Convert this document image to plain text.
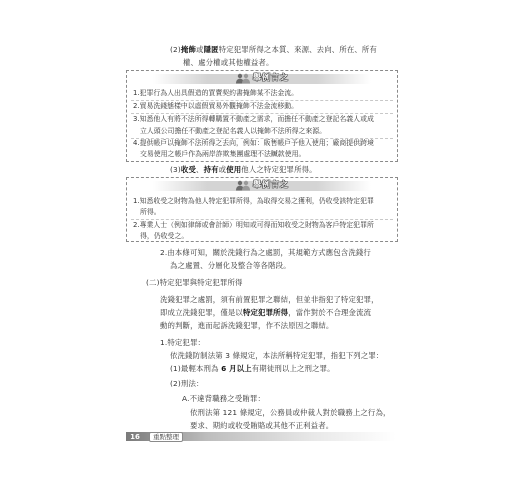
(2)掩飾或隱匿特定犯罪所得之本質、來源、去向、所在、所有
權、處分權或其他權益者。
舉例言之
1.犯罪行為人出具假造的買賣契約書掩飾某不法金流。
2.貿易洗錢態樣中以虛假貿易外觀掩飾不法金流移動。
3.知悉他人有將不法所得轉購置不動產之需求，而擔任不動產之登記名義人或成
立人頭公司擔任不動產之登記名義人以掩飾不法所得之來源。
4.提供帳戶以掩飾不法所得之去向，例如：販售帳戶予他人使用；廠商提供跨境
交易使用之帳戶作為兩岸詐欺集團處理不法贓款使用。
(3)收受、持有或使用他人之特定犯罪所得。
舉例言之
1.知悉收受之財物為他人特定犯罪所得，為取得交易之獲利，仍收受該特定犯罪
所得。
2.專業人士（例如律師或會計師）明知或可得而知收受之財物為客戶特定犯罪所
得，仍收受之。
2.由本條可知，關於洗錢行為之處罰，其規範方式應包含洗錢行
為之處置、分層化及整合等各階段。
(二)特定犯罪與特定犯罪所得
洗錢犯罪之處罰，須有前置犯罪之聯結，但並非指犯了特定犯罪，
即成立洗錢犯罪，僅是以特定犯罪所得，當作對於不合理金流流
動的判斷，進而起訴洗錢犯罪，作不法原因之聯結。
1.特定犯罪：
依洗錢防制法第 3 條規定，本法所稱特定犯罪，指犯下列之罪：
(1)最輕本刑為 6 月以上有期徒刑以上之刑之罪。
(2)刑法：
A.不違背職務之受賄罪：
依刑法第 121 條規定，公務員或仲裁人對於職務上之行為，
要求、期約或收受賄賂或其他不正利益者。
16	重點整理
